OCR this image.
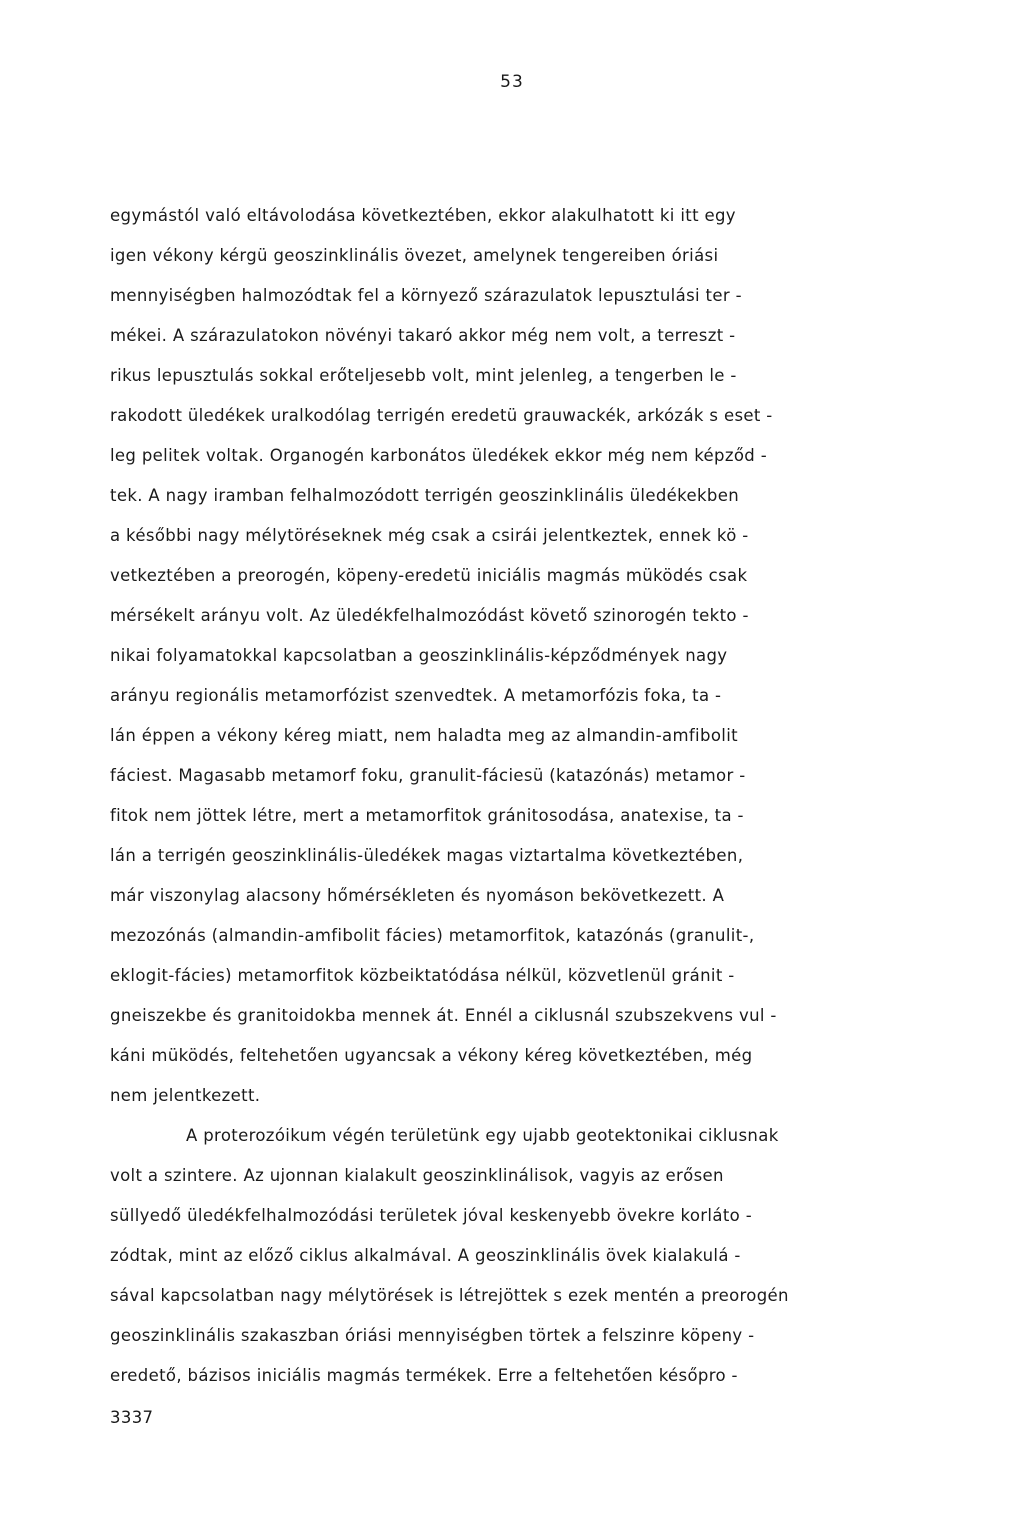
53
egymástól való eltávolodása következtében, ekkor alakulhatott ki itt egy
igen vékony kérgü geoszinklinális övezet, amelynek tengereiben óriási
mennyiségben halmozódtak fel a környező szárazulatok lepusztulási ter -
mékei. A szárazulatokon növényi takaró akkor még nem volt, a terreszt -
rikus lepusztulás sokkal erőteljesebb volt, mint jelenleg, a tengerben le -
rakodott üledékek uralkodólag terrigén eredetü grauwackék, arkózák s eset -
leg pelitek voltak. Organogén karbonátos üledékek ekkor még nem képződ -
tek. A nagy iramban felhalmozódott terrigén geoszinklinális üledékekben
a későbbi nagy mélytöréseknek még csak a csirái jelentkeztek, ennek kö -
vetkeztében a preorogén, köpeny-eredetü iniciális magmás müködés csak
mérsékelt arányu volt. Az üledékfelhalmozódást követő szinorogén tekto -
nikai folyamatokkal kapcsolatban a geoszinklinális-képződmények nagy
arányu regionális metamorfózist szenvedtek. A metamorfózis foka, ta -
lán éppen a vékony kéreg miatt, nem haladta meg az almandin-amfibolit
fáciest. Magasabb metamorf foku, granulit-fáciesü (katazónás) metamor -
fitok nem jöttek létre, mert a metamorfitok gránitosodása, anatexise, ta -
lán a terrigén geoszinklinális-üledékek magas viztartalma következtében,
már viszonylag alacsony hőmérsékleten és nyomáson bekövetkezett. A
mezozónás (almandin-amfibolit fácies) metamorfitok, katazónás (granulit-,
eklogit-fácies) metamorfitok közbeiktatódása nélkül, közvetlenül gránit -
gneiszekbe és granitoidokba mennek át. Ennél a ciklusnál szubszekvens vul -
káni müködés, feltehetően ugyancsak a vékony kéreg következtében, még
nem jelentkezett.
A proterozóikum végén területünk egy ujabb geotektonikai ciklusnak
volt a szintere. Az ujonnan kialakult geoszinklinálisok, vagyis az erősen
süllyedő üledékfelhalmozódási területek jóval keskenyebb övekre korláto -
zódtak, mint az előző ciklus alkalmával. A geoszinklinális övek kialakulá -
sával kapcsolatban nagy mélytörések is létrejöttek s ezek mentén a preorogén
geoszinklinális szakaszban óriási mennyiségben törtek a felszinre köpeny -
eredető, bázisos iniciális magmás termékek. Erre a feltehetően későpro -
3337
